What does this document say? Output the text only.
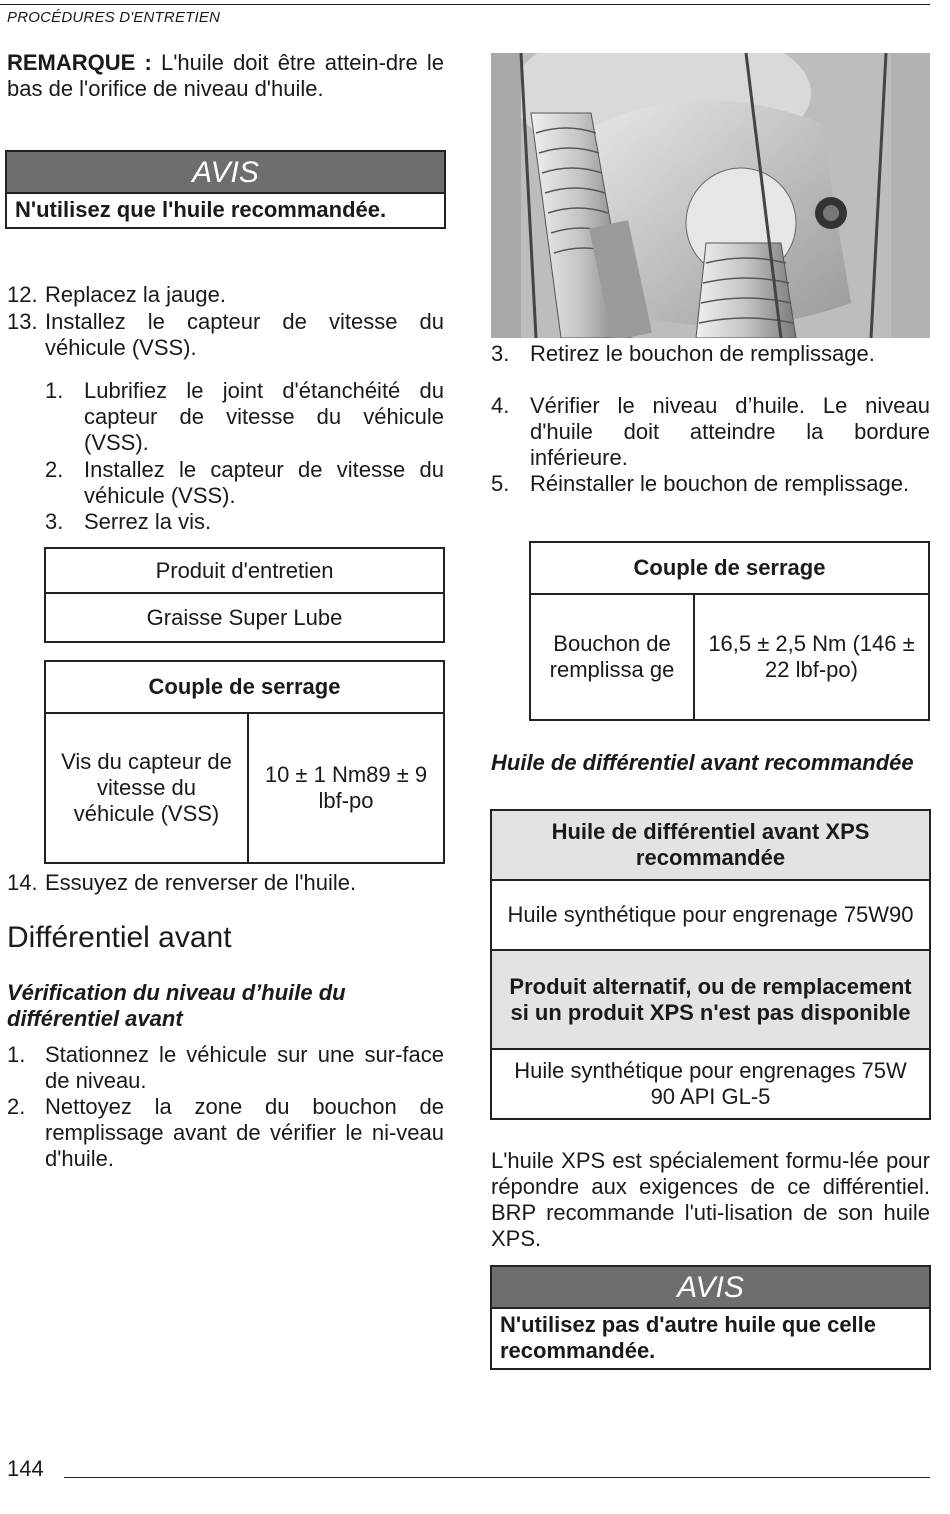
PROCÉDURES D'ENTRETIEN
REMARQUE : L'huile doit être attein-dre le bas de l'orifice de niveau d'huile.
AVIS
N'utilisez que l'huile recommandée.
12. Replacez la jauge.
13. Installez le capteur de vitesse du véhicule (VSS).
1. Lubrifiez le joint d'étanchéité du capteur de vitesse du véhicule (VSS).
2. Installez le capteur de vitesse du véhicule (VSS).
3. Serrez la vis.
Produit d'entretien
Graisse Super Lube
Couple de serrage
Vis du capteur de vitesse du véhicule (VSS)	10 ± 1 Nm89 ± 9 lbf-po
14. Essuyez de renverser de l'huile.
Différentiel avant
Vérification du niveau d’huile du différentiel avant
1. Stationnez le véhicule sur une sur-face de niveau.
2. Nettoyez la zone du bouchon de remplissage avant de vérifier le ni-veau d'huile.
3. Retirez le bouchon de remplissage.
4. Vérifier le niveau d’huile. Le niveau d'huile doit atteindre la bordure inférieure.
5. Réinstaller le bouchon de remplissage.
Couple de serrage
Bouchon de remplissa ge	16,5 ± 2,5 Nm (146 ± 22 lbf-po)
Huile de différentiel avant recommandée
Huile de différentiel avant XPS recommandée
Huile synthétique pour engrenage 75W90
Produit alternatif, ou de remplacement si un produit XPS n'est pas disponible
Huile synthétique pour engrenages 75W 90 API GL-5
L'huile XPS est spécialement formu-lée pour répondre aux exigences de ce différentiel. BRP recommande l'uti-lisation de son huile XPS.
AVIS
N'utilisez pas d'autre huile que celle recommandée.
144
